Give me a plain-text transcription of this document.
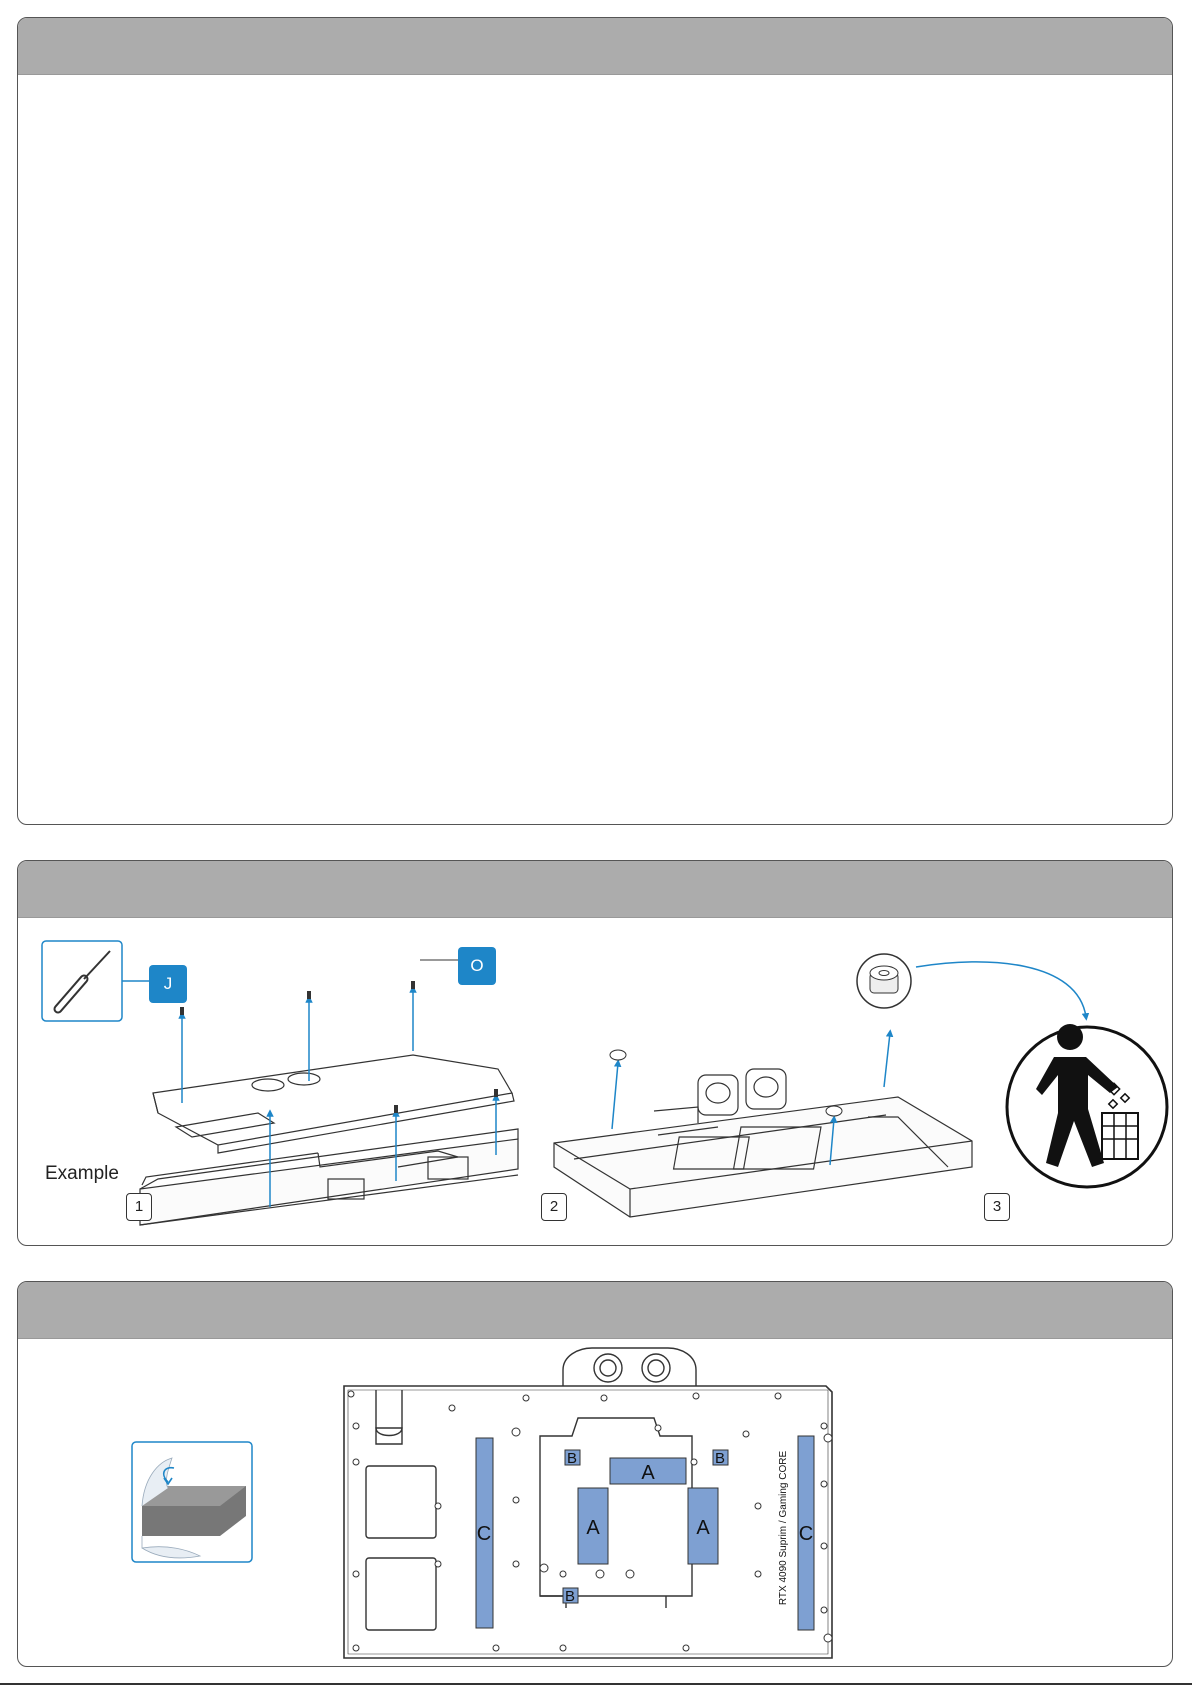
J
O
Example
1	2	3
A
A	A
C	C
B	B
B	RTX 4090 Suprim / Gaming CORE
